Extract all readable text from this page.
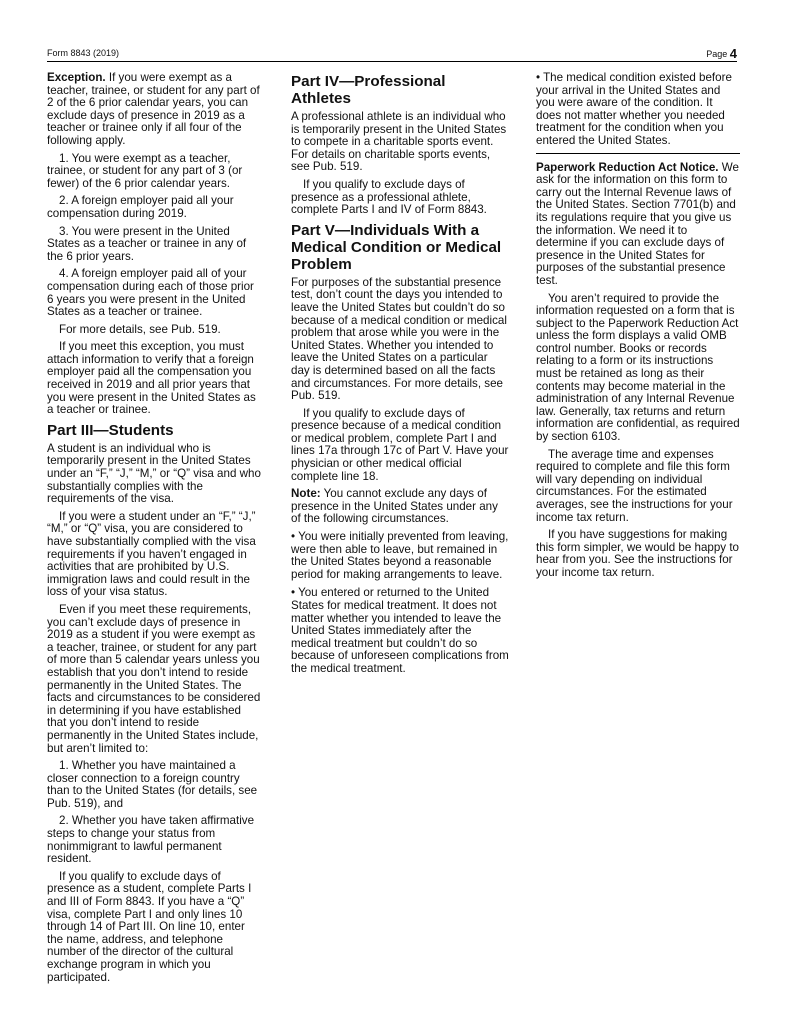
Form 8843 (2019)	Page 4

Exception. If you were exempt as a teacher, trainee, or student for any part of 2 of the 6 prior calendar years, you can exclude days of presence in 2019 as a teacher or trainee only if all four of the following apply.

1. You were exempt as a teacher, trainee, or student for any part of 3 (or fewer) of the 6 prior calendar years.

2. A foreign employer paid all your compensation during 2019.

3. You were present in the United States as a teacher or trainee in any of the 6 prior years.

4. A foreign employer paid all of your compensation during each of those prior 6 years you were present in the United States as a teacher or trainee.

For more details, see Pub. 519.

If you meet this exception, you must attach information to verify that a foreign employer paid all the compensation you received in 2019 and all prior years that you were present in the United States as a teacher or trainee.

Part III—Students

A student is an individual who is temporarily present in the United States under an “F,” “J,” “M,” or “Q” visa and who substantially complies with the requirements of the visa.

If you were a student under an “F,” “J,” “M,” or “Q” visa, you are considered to have substantially complied with the visa requirements if you haven’t engaged in activities that are prohibited by U.S. immigration laws and could result in the loss of your visa status.

Even if you meet these requirements, you can’t exclude days of presence in 2019 as a student if you were exempt as a teacher, trainee, or student for any part of more than 5 calendar years unless you establish that you don’t intend to reside permanently in the United States. The facts and circumstances to be considered in determining if you have established that you don’t intend to reside permanently in the United States include, but aren’t limited to:

1. Whether you have maintained a closer connection to a foreign country than to the United States (for details, see Pub. 519), and

2. Whether you have taken affirmative steps to change your status from nonimmigrant to lawful permanent resident.

If you qualify to exclude days of presence as a student, complete Parts I and III of Form 8843. If you have a “Q” visa, complete Part I and only lines 10 through 14 of Part III. On line 10, enter the name, address, and telephone number of the director of the cultural exchange program in which you participated.

Part IV—Professional Athletes

A professional athlete is an individual who is temporarily present in the United States to compete in a charitable sports event. For details on charitable sports events, see Pub. 519.

If you qualify to exclude days of presence as a professional athlete, complete Parts I and IV of Form 8843.

Part V—Individuals With a Medical Condition or Medical Problem

For purposes of the substantial presence test, don’t count the days you intended to leave the United States but couldn’t do so because of a medical condition or medical problem that arose while you were in the United States. Whether you intended to leave the United States on a particular day is determined based on all the facts and circumstances. For more details, see Pub. 519.

If you qualify to exclude days of presence because of a medical condition or medical problem, complete Part I and lines 17a through 17c of Part V. Have your physician or other medical official complete line 18.

Note: You cannot exclude any days of presence in the United States under any of the following circumstances.

• You were initially prevented from leaving, were then able to leave, but remained in the United States beyond a reasonable period for making arrangements to leave.

• You entered or returned to the United States for medical treatment. It does not matter whether you intended to leave the United States immediately after the medical treatment but couldn’t do so because of unforeseen complications from the medical treatment.

• The medical condition existed before your arrival in the United States and you were aware of the condition. It does not matter whether you needed treatment for the condition when you entered the United States.

Paperwork Reduction Act Notice. We ask for the information on this form to carry out the Internal Revenue laws of the United States. Section 7701(b) and its regulations require that you give us the information. We need it to determine if you can exclude days of presence in the United States for purposes of the substantial presence test.

You aren’t required to provide the information requested on a form that is subject to the Paperwork Reduction Act unless the form displays a valid OMB control number. Books or records relating to a form or its instructions must be retained as long as their contents may become material in the administration of any Internal Revenue law. Generally, tax returns and return information are confidential, as required by section 6103.

The average time and expenses required to complete and file this form will vary depending on individual circumstances. For the estimated averages, see the instructions for your income tax return.

If you have suggestions for making this form simpler, we would be happy to hear from you. See the instructions for your income tax return.
